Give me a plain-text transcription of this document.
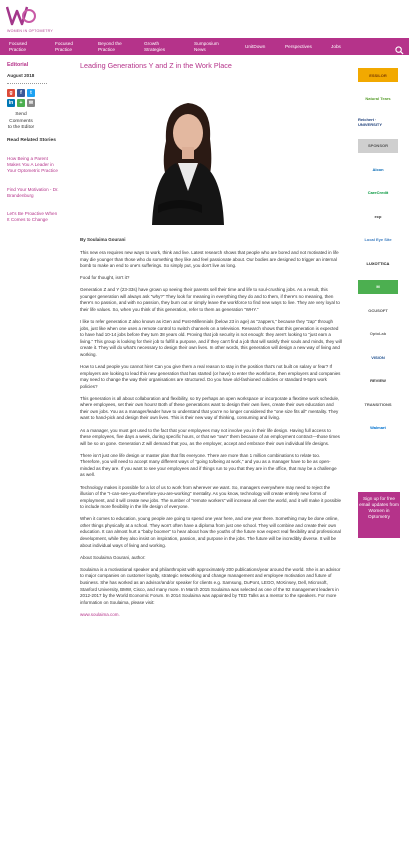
WOMEN IN OPTOMETRY
Focused
Practice
Focused
Practice
Beyond the
Practice
Growth
Strategies
Sumposium
News
UnitDown	Perspectives	Jobs
Editorial
August 2018
g	f	t
in	+	✉
Send Comments to the Editor
Read Related Stories
How Being a Parent Makes You A Leader in Your Optometric Practice
Find Your Motivation - Dr. Brandenburg
Let's Be Proactive When It Comes to Change
Leading Generations Y and Z in the Work Place
By Soulaima Gourani

This new era requires new ways to work, think and live. Latest research shows that people who are bored and not motivated in life may die younger than those who do something they like and feel passionate about. Our bodies are designed to trigger an internal bomb to make an end to one's sufferings. So simply put, you don't live as long.

Food for thought, isn't it?

Generation Z and Y (23-33s) have grown up seeing their parents sell their time and life to soul-crushing jobs. As a result, this younger generation will always ask "why?" They look for meaning in everything they do and to them, if there's no meaning, then there's no passion, and with no passion, they burn out or simply leave the workforce to find new ways to live. They are very loyal to their life values. So, when you think of this generation, refer to them as generation "WHY."

I like to refer generation Z also known as iGen and Post-Millennials (below 23 in age) as "zappers," because they "zap" through jobs, just like when one uses a remote control to switch channels on a television. Research shows that this generation is expected to have had 10-14 jobs before they turn 38 years old. Proving that job security is not enough: they aren't looking to "just earn a living." This group is looking for their job to fulfill a purpose, and if they can't find a job that will satisfy their souls and minds, they will create it. They will do what's necessary to design their own lives. In other words, this generation will design a new way of living and working.

How to Lead people you cannot hire! Can you give them a real reason to stay in the position that's not built on salary or fear? If employers are looking to lead this new generation that has started (or have) to enter the workforce, then employers and companies may need to change the way their organisations are structured. Do you have old-fashioned cubicles or standard 9-5pm work policies?

This generation is all about collaboration and flexibility, so try perhaps an open workspace or incorporate a flextime work schedule, where employees, set their own hours! Both of these generations want to design their own lives, create their own education and their own jobs. You as a manager/leader have to understand that you're no longer considered the "one size fits all" mentality. They want to hand-pick and design their own lives. This is their new way of thinking, consuming and living.

As a manager, you must get used to the fact that your employees may not involve you in their life design. Having full access to these employees, five days a week, during specific hours, or that we "own" them because of an employment contract—those times will be so on gone. Generation Z will demand that you, as the employer, accept and embrace their own individual life designs.

There isn't just one life design or master plan that fits everyone. There are more than 1 million combinations to relate too. Therefore, you will need to accept many different ways of "going to/being at work," and you as a manager have to be as open-minded as they are. If you want to see your employees and if things run to you that they are in the office, that may be a challenge as well.

Technology makes it possible for a lot of us to work from wherever we want. So, managers everywhere may need to reject the illusion of the "I-can-see-you-therefore-you-are-working" mentality. As you know, technology will create entirely new forms of employment, and it will create new jobs. The number of "remote workers" will increase all over the world, and it will make it possible to include more flexibility in the life design of everyone.

When it comes to education, young people are going to spend one year here, and one year there. Something may be done online, other things physically at a school. They won't often have a diploma from just one school. They will combine and create their own education. It can almost hurt a "baby boomer" to hear about how the youths of the future now expect real flexibility and professional development, while they also insist on inspiration, passion, and purpose in the jobs. The future will be incredibly diverse. It will be about individual ways of living and working.

About Soulaima Gourani, author:

Soulaima is a motivational speaker and philanthropist with approximately 200 publications/year around the world. She is an advisor to major companies on customer loyalty, strategic networking and change management and employee motivation and future of business. She has worked as an advisor/and/or speaker for clients e.g. Samsung, DuPont, LEGO, McKinsey, Dell, Microsoft, Stanford University, BMW, Cisco, and many more. In March 2015 Soulaima was selected as one of the 92 management leaders in 2012-2017 by the World Economic Forum. In 2014 Soulaima was appointed by TED Talks as a mentor to the speakers. For more information on Soulaima, please visit:

www.soulaima.com.

ESSILOR
Natural Tears
Reichert · UNIVERSITY
SPONSOR
Alcon
CareCredit
ecp
Local Eye Site
LUXOTTICA
M
OCUSOFT
OptoLab
VISION
REVIEW
TRANSITIONS
Walmart
Sign up for free email updates from Women in Optometry
